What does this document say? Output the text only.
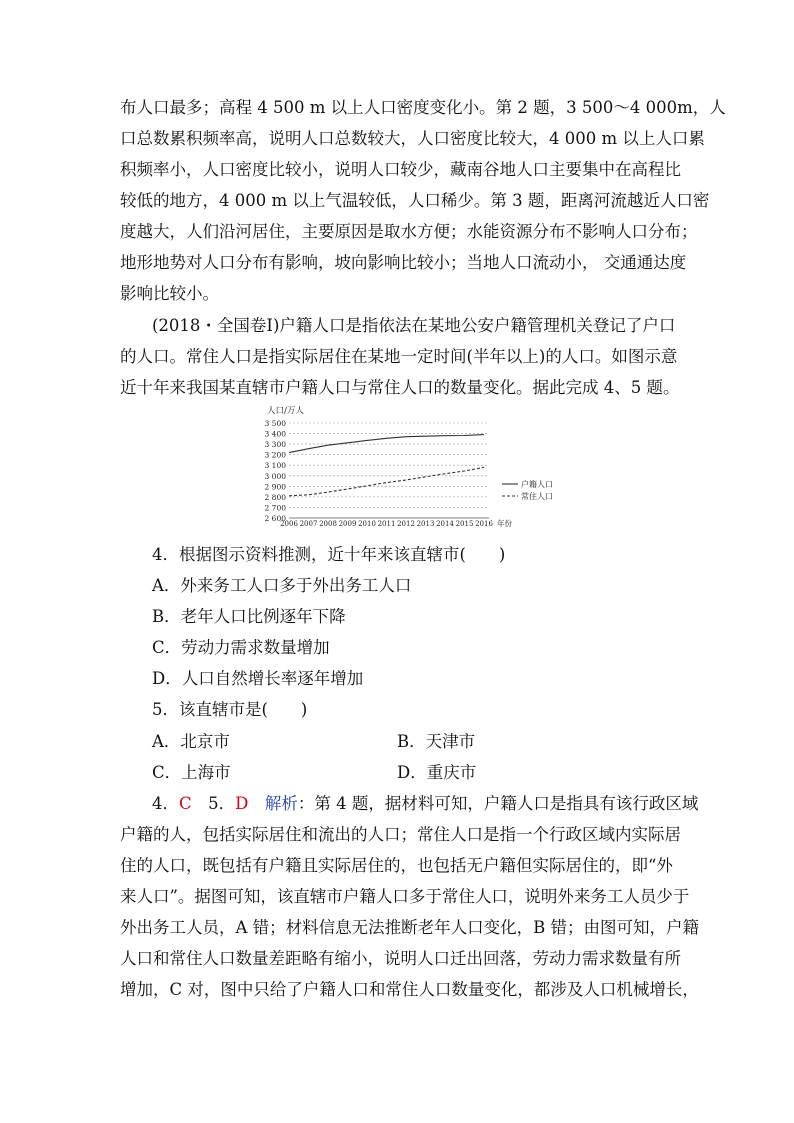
布人口最多；高程 4 500 m 以上人口密度变化小。第 2 题，3 500～4 000m，人
口总数累积频率高，说明人口总数较大，人口密度比较大，4 000 m 以上人口累
积频率小，人口密度比较小，说明人口较少，藏南谷地人口主要集中在高程比
较低的地方，4 000 m 以上气温较低，人口稀少。第 3 题，距离河流越近人口密
度越大，人们沿河居住，主要原因是取水方便；水能资源分布不影响人口分布；
地形地势对人口分布有影响，坡向影响比较小；当地人口流动小， 交通通达度
影响比较小。
(2018・全国卷Ⅰ)户籍人口是指依法在某地公安户籍管理机关登记了户口
的人口。常住人口是指实际居住在某地一定时间(半年以上)的人口。如图示意
近十年来我国某直辖市户籍人口与常住人口的数量变化。据此完成 4、5 题。
人口/万人
2 600
2 700
2 800
2 900
3 000
3 100
3 200
3 300
3 400
3 500
2006 2007 2008 2009 2010 2011 2012 2013 2014 2015 2016 年份
户籍人口
常住人口
4．根据图示资料推测，近十年来该直辖市(　　)
A．外来务工人口多于外出务工人口
B．老年人口比例逐年下降
C．劳动力需求数量增加
D．人口自然增长率逐年增加
5．该直辖市是(　　)
A．北京市	B．天津市
C．上海市	D．重庆市
4．C　5．D　解析：第 4 题，据材料可知，户籍人口是指具有该行政区域
户籍的人，包括实际居住和流出的人口；常住人口是指一个行政区域内实际居
住的人口，既包括有户籍且实际居住的，也包括无户籍但实际居住的，即“外
来人口”。据图可知，该直辖市户籍人口多于常住人口，说明外来务工人员少于
外出务工人员，A 错；材料信息无法推断老年人口变化，B 错；由图可知，户籍
人口和常住人口数量差距略有缩小，说明人口迁出回落，劳动力需求数量有所
增加，C 对，图中只给了户籍人口和常住人口数量变化，都涉及人口机械增长，
